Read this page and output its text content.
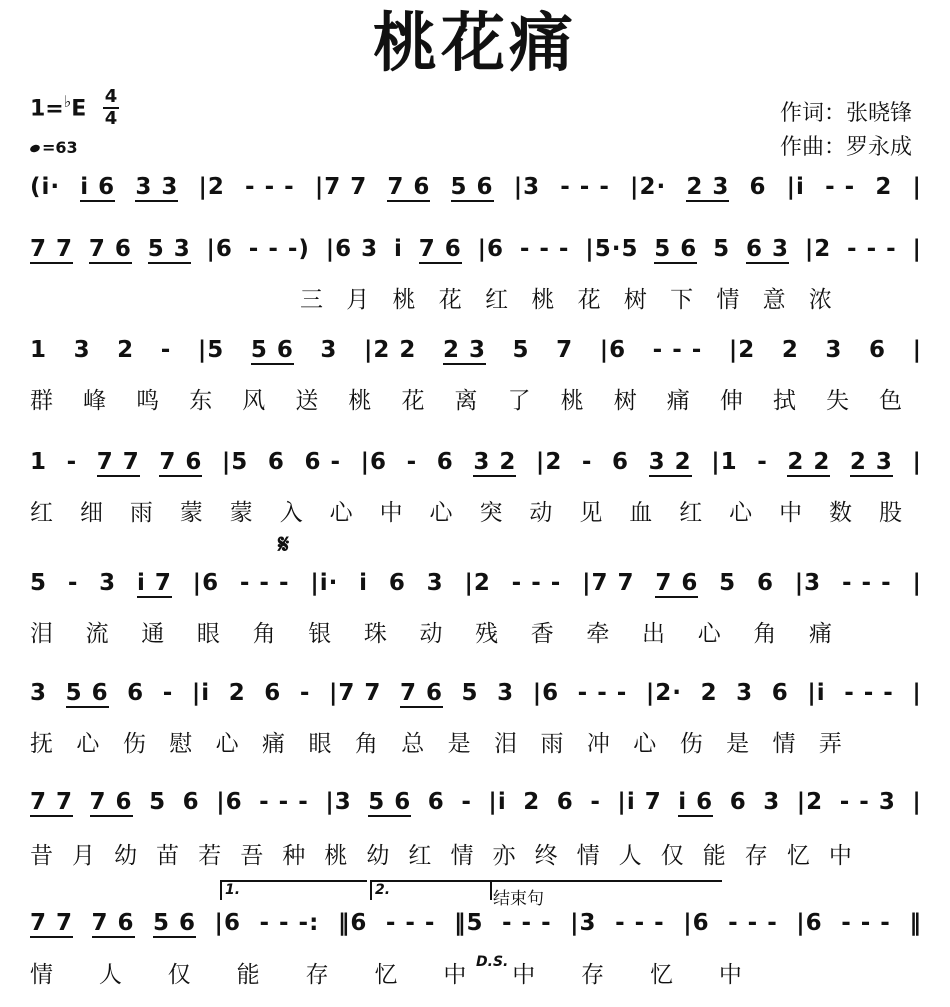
桃花痛
1=♭E 4
4
=63
作词：张晓锋
作曲：罗永成
(i· i 6 3 3 |2 - - - |7 7 7 6 5 6 |3 - - - |2· 2 3 6 |i - - 2 |
7 7 7 6 5 3 |6 - - -) |6 3 i 7 6 |6 - - - |5·5 5 6 5 6 3 |2 - - - |
三 月 桃 花 红 桃 花 树 下 情 意 浓
1 3 2 - |5 5 6 3 |2 2 2 3 5 7 |6 - - - |2 2 3 6 |
群 峰 鸣 东 风 送 桃 花 离 了 桃 树 痛 伸 拭 失 色
1 - 7 7 7 6 |5 6 6 - |6 - 6 3 2 |2 - 6 3 2 |1 - 2 2 2 3 |
红 细 雨 蒙 蒙 入 心 中 心 突 动 见 血 红 心 中 数 股
5 - 3 i 7 |6 - - - |i· i 6 3 |2 - - - |7 7 7 6 5 6 |3 - - - |
泪 流 通 眼 角 银 珠 动 残 香 牵 出 心 角 痛
3 5 6 6 - |i 2 6 - |7 7 7 6 5 3 |6 - - - |2· 2 3 6 |i - - - |
抚 心 伤 慰 心 痛 眼 角 总 是 泪 雨 冲 心 伤 是 情 弄
7 7 7 6 5 6 |6 - - - |3 5 6 6 - |i 2 6 - |i 7 i 6 6 3 |2 - - 3 |
昔 月 幼 苗 若 吾 种 桃 幼 红 情 亦 终 情 人 仅 能 存 忆 中
7 7 7 6 5 6 |6 - - -: ‖6 - - - ‖5 - - - |3 - - - |6 - - - |6 - - - ‖
情 人 仅 能 存 忆 中 中 存 忆 中
𝄋
1.	2.	结束句
D.S.
